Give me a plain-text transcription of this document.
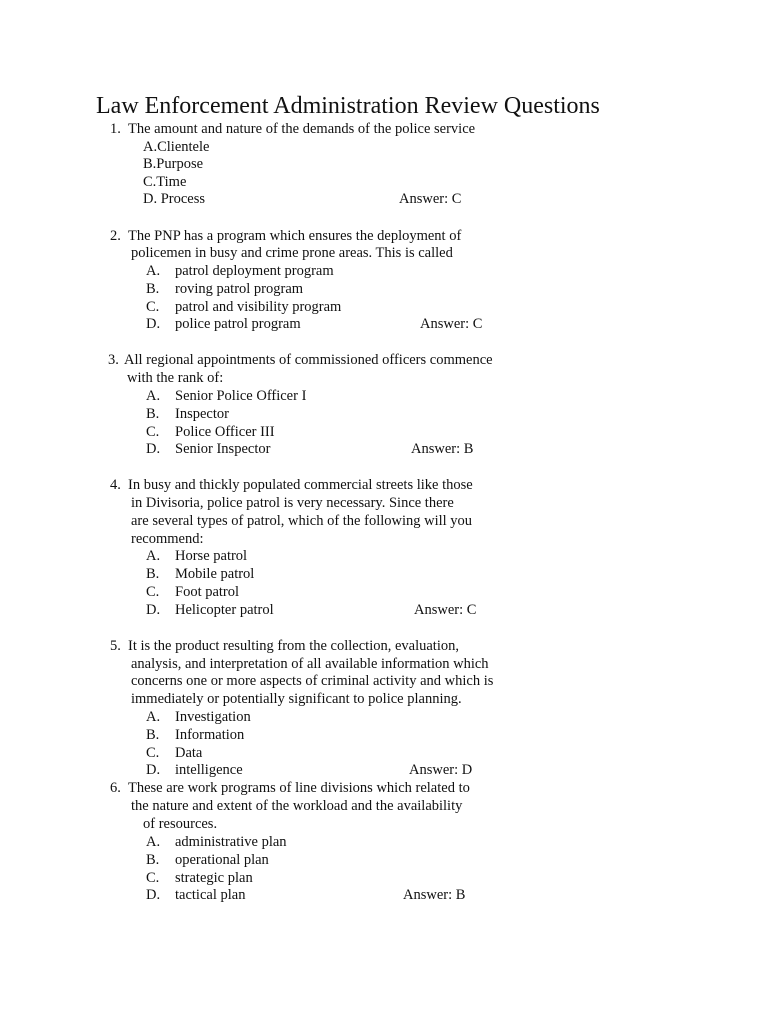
Law Enforcement Administration Review Questions
1. The amount and nature of the demands of the police service
A.Clientele
B.Purpose
C.Time
D. Process	Answer: C
2. The PNP has a program which ensures the deployment of
policemen in busy and crime prone areas. This is called
A. patrol deployment program
B. roving patrol program
C. patrol and visibility program
D. police patrol program	Answer: C
3. All regional appointments of commissioned officers commence
with the rank of:
A. Senior Police Officer I
B. Inspector
C. Police Officer III
D. Senior Inspector	Answer: B
4. In busy and thickly populated commercial streets like those
in Divisoria, police patrol is very necessary. Since there
are several types of patrol, which of the following will you
recommend:
A. Horse patrol
B. Mobile patrol
C. Foot patrol
D. Helicopter patrol	Answer: C
5. It is the product resulting from the collection, evaluation,
analysis, and interpretation of all available information which
concerns one or more aspects of criminal activity and which is
immediately or potentially significant to police planning.
A. Investigation
B. Information
C. Data
D. intelligence	Answer: D
6. These are work programs of line divisions which related to
the nature and extent of the workload and the availability
of resources.
A. administrative plan
B. operational plan
C. strategic plan
D. tactical plan	Answer: B
